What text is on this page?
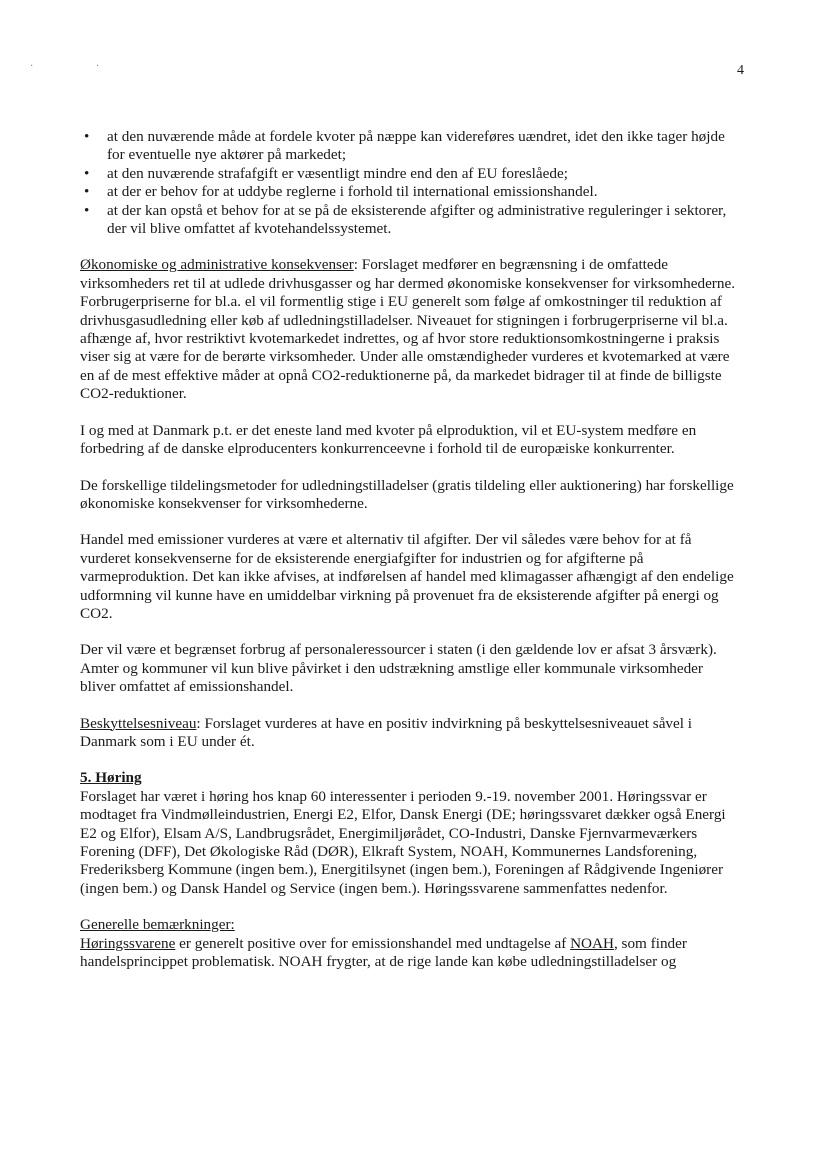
· ·	4
• at den nuværende måde at fordele kvoter på næppe kan videreføres uændret, idet den ikke tager højde for eventuelle nye aktører på markedet;
• at den nuværende strafafgift er væsentligt mindre end den af EU foreslåede;
• at der er behov for at uddybe reglerne i forhold til international emissionshandel.
• at der kan opstå et behov for at se på de eksisterende afgifter og administrative reguleringer i sektorer, der vil blive omfattet af kvotehandelssystemet.

Økonomiske og administrative konsekvenser: Forslaget medfører en begrænsning i de omfattede virksomheders ret til at udlede drivhusgasser og har dermed økonomiske konsekvenser for virksomhederne. Forbrugerpriserne for bl.a. el vil formentlig stige i EU generelt som følge af omkostninger til reduktion af drivhusgasudledning eller køb af udledningstilladelser. Niveauet for stigningen i forbrugerpriserne vil bl.a. afhænge af, hvor restriktivt kvotemarkedet indrettes, og af hvor store reduktionsomkostningerne i praksis viser sig at være for de berørte virksomheder. Under alle omstændigheder vurderes et kvotemarked at være en af de mest effektive måder at opnå CO2-reduktionerne på, da markedet bidrager til at finde de billigste CO2-reduktioner.

I og med at Danmark p.t. er det eneste land med kvoter på elproduktion, vil et EU-system medføre en forbedring af de danske elproducenters konkurrenceevne i forhold til de europæiske konkurrenter.

De forskellige tildelingsmetoder for udledningstilladelser (gratis tildeling eller auktionering) har forskellige økonomiske konsekvenser for virksomhederne.

Handel med emissioner vurderes at være et alternativ til afgifter. Der vil således være behov for at få vurderet konsekvenserne for de eksisterende energiafgifter for industrien og for afgifterne på varmeproduktion. Det kan ikke afvises, at indførelsen af handel med klimagasser afhængigt af den endelige udformning vil kunne have en umiddelbar virkning på provenuet fra de eksisterende afgifter på energi og CO2.

Der vil være et begrænset forbrug af personaleressourcer i staten (i den gældende lov er afsat 3 årsværk). Amter og kommuner vil kun blive påvirket i den udstrækning amstlige eller kommunale virksomheder bliver omfattet af emissionshandel.

Beskyttelsesniveau: Forslaget vurderes at have en positiv indvirkning på beskyttelsesniveauet såvel i Danmark som i EU under ét.

5. Høring
Forslaget har været i høring hos knap 60 interessenter i perioden 9.-19. november 2001. Høringssvar er modtaget fra Vindmølleindustrien, Energi E2, Elfor, Dansk Energi (DE; høringssvaret dækker også Energi E2 og Elfor), Elsam A/S, Landbrugsrådet, Energimiljørådet, CO-Industri, Danske Fjernvarmeværkers Forening (DFF), Det Økologiske Råd (DØR), Elkraft System, NOAH, Kommunernes Landsforening, Frederiksberg Kommune (ingen bem.), Energitilsynet (ingen bem.), Foreningen af Rådgivende Ingeniører (ingen bem.) og Dansk Handel og Service (ingen bem.). Høringssvarene sammenfattes nedenfor.

Generelle bemærkninger:
Høringssvarene er generelt positive over for emissionshandel med undtagelse af NOAH, som finder handelsprincippet problematisk. NOAH frygter, at de rige lande kan købe udledningstilladelser og
